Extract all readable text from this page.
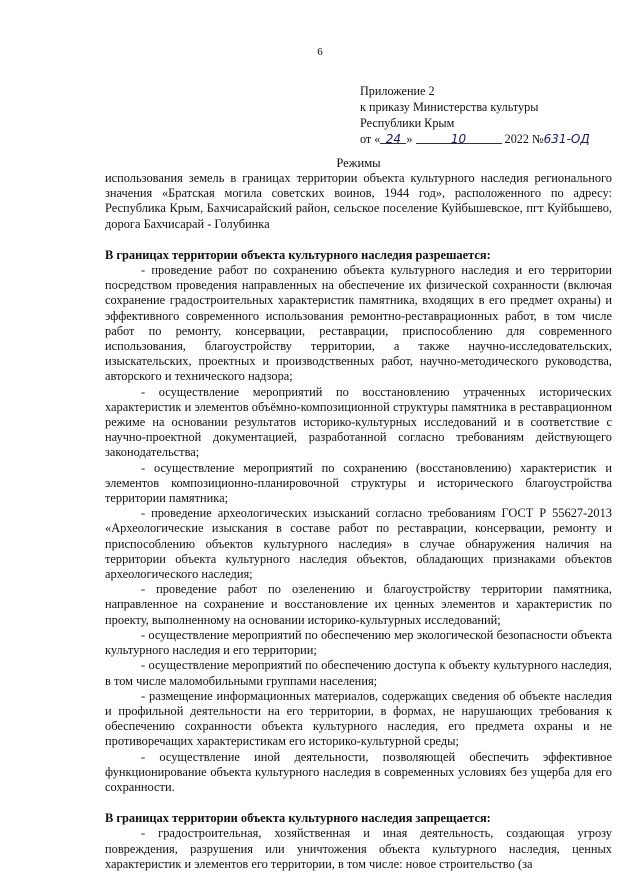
6
Приложение 2
к приказу Министерства культуры
Республики Крым
от « 24 »	10	2022 №631-ОД
Режимы

использования земель в границах территории объекта культурного наследия регионального значения «Братская могила советских воинов, 1944 год», расположенного по адресу: Республика Крым, Бахчисарайский район, сельское поселение Куйбышевское, пгт Куйбышево, дорога Бахчисарай - Голубинка

В границах территории объекта культурного наследия разрешается:

- проведение работ по сохранению объекта культурного наследия и его территории посредством проведения направленных на обеспечение их физической сохранности (включая сохранение градостроительных характеристик памятника, входящих в его предмет охраны) и эффективного современного использования ремонтно-реставрационных работ, в том числе работ по ремонту, консервации, реставрации, приспособлению для современного использования, благоустройству территории, а также научно-исследовательских, изыскательских, проектных и производственных работ, научно-методического руководства, авторского и технического надзора;

- осуществление мероприятий по восстановлению утраченных исторических характеристик и элементов объёмно-композиционной структуры памятника в реставрационном режиме на основании результатов историко-культурных исследований и в соответствие с научно-проектной документацией, разработанной согласно требованиям действующего законодательства;

- осуществление мероприятий по сохранению (восстановлению) характеристик и элементов композиционно-планировочной структуры и исторического благоустройства территории памятника;

- проведение археологических изысканий согласно требованиям ГОСТ Р 55627-2013 «Археологические изыскания в составе работ по реставрации, консервации, ремонту и приспособлению объектов культурного наследия» в случае обнаружения наличия на территории объекта культурного наследия объектов, обладающих признаками объектов археологического наследия;

- проведение работ по озеленению и благоустройству территории памятника, направленное на сохранение и восстановление их ценных элементов и характеристик по проекту, выполненному на основании историко-культурных исследований;

- осуществление мероприятий по обеспечению мер экологической безопасности объекта культурного наследия и его территории;

- осуществление мероприятий по обеспечению доступа к объекту культурного наследия, в том числе маломобильными группами населения;

- размещение информационных материалов, содержащих сведения об объекте наследия и профильной деятельности на его территории, в формах, не нарушающих требования к обеспечению сохранности объекта культурного наследия, его предмета охраны и не противоречащих характеристикам его историко-культурной среды;

- осуществление иной деятельности, позволяющей обеспечить эффективное функционирование объекта культурного наследия в современных условиях без ущерба для его сохранности.

В границах территории объекта культурного наследия запрещается:

- градостроительная, хозяйственная и иная деятельность, создающая угрозу повреждения, разрушения или уничтожения объекта культурного наследия, ценных характеристик и элементов его территории, в том числе: новое строительство (за
